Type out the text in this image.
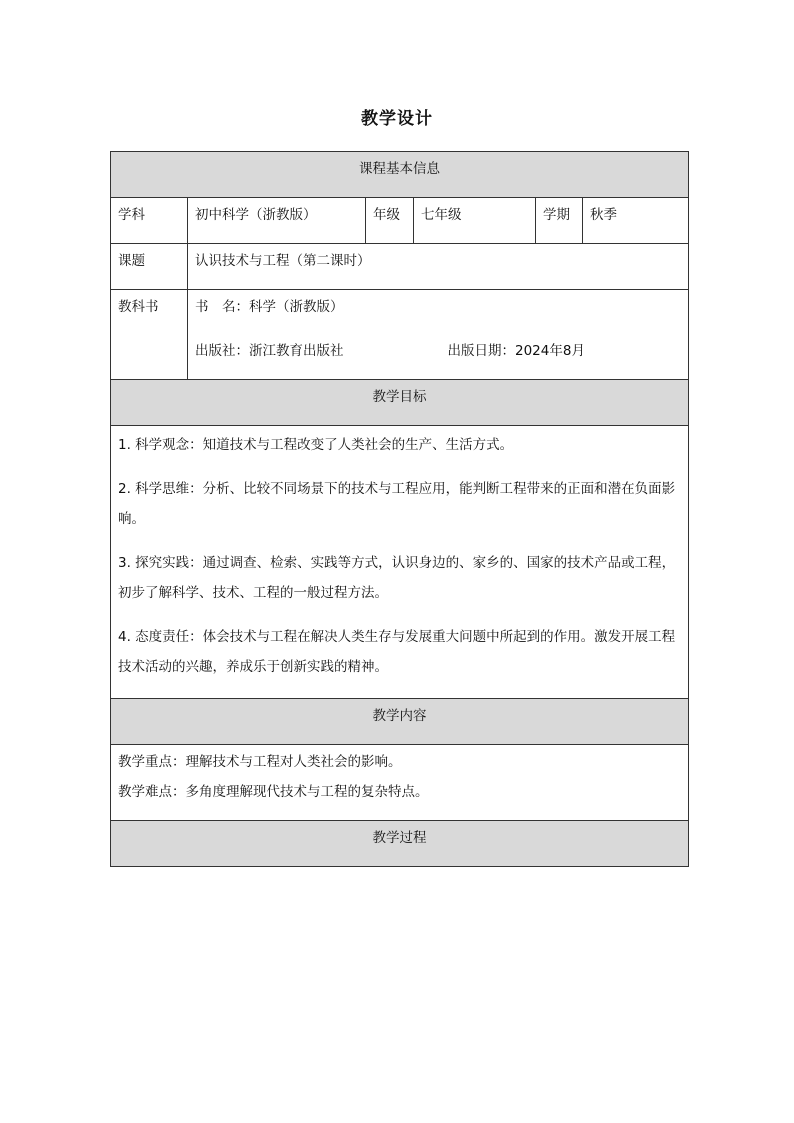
教学设计
课程基本信息					
学科	初中科学（浙教版）	年级	七年级	学期	秋季
课题	认识技术与工程（第二课时）				
教科书	书　名：科学（浙教版）
出版社：浙江教育出版社 出版日期：2024年8月				

教学目标					

1. 科学观念：知道技术与工程改变了人类社会的生产、生活方式。

2. 科学思维：分析、比较不同场景下的技术与工程应用，能判断工程带来的正面和潜在负面影响。

3. 探究实践：通过调查、检索、实践等方式，认识身边的、家乡的、国家的技术产品或工程，初步了解科学、技术、工程的一般过程方法。

4. 态度责任：体会技术与工程在解决人类生存与发展重大问题中所起到的作用。激发开展工程技术活动的兴趣，养成乐于创新实践的精神。					

教学内容					

教学重点：理解技术与工程对人类社会的影响。
教学难点：多角度理解现代技术与工程的复杂特点。					

教学过程					
